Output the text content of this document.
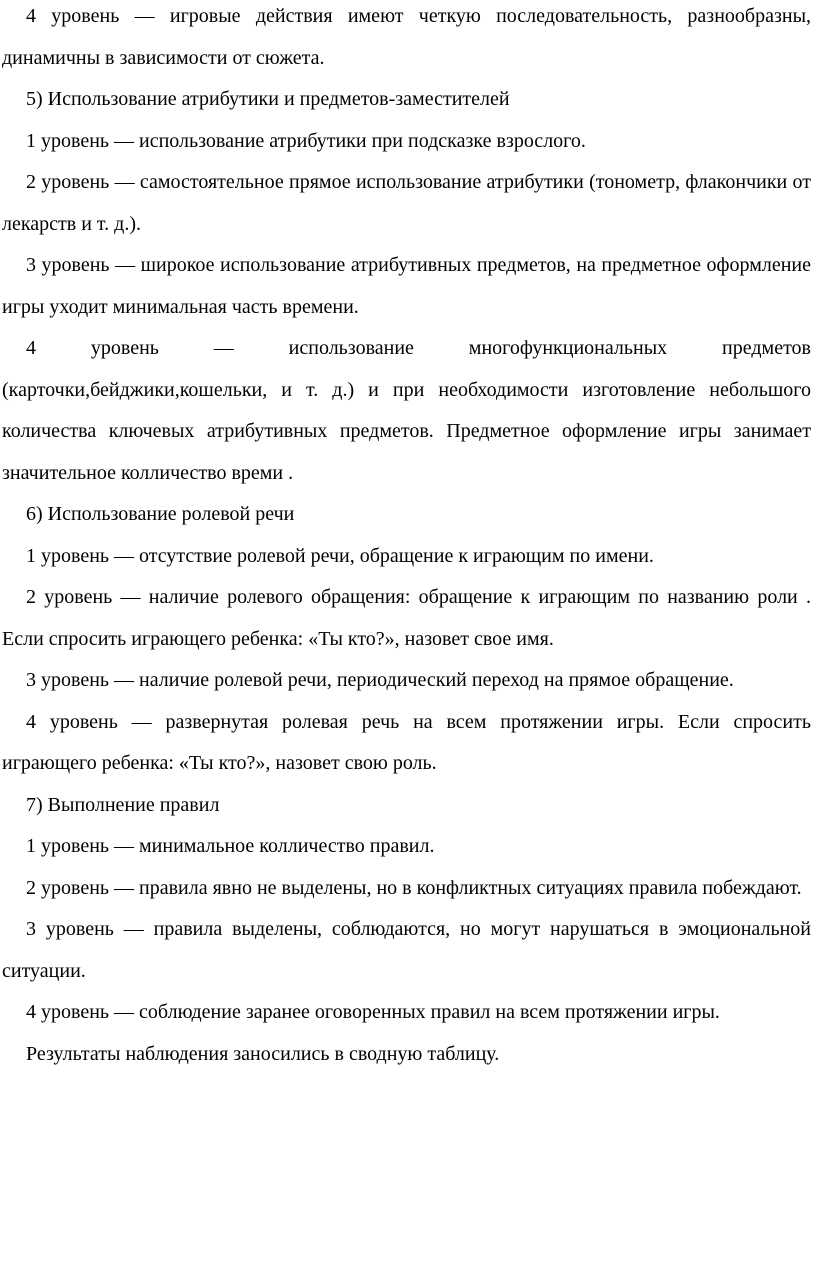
4 уровень — игровые действия имеют четкую последовательность, разнообразны, динамичны в зависимости от сюжета.

5) Использование атрибутики и предметов-заместителей

1 уровень — использование атрибутики при подсказке взрослого.

2 уровень — самостоятельное прямое использование атрибутики (тонометр, флакончики от лекарств и т. д.).

3 уровень — широкое использование атрибутивных предметов, на предметное оформление игры уходит минимальная часть времени.

4 уровень — использование многофункциональных предметов (карточки,бейджики,кошельки, и т. д.) и при необходимости изготовление небольшого количества ключевых атрибутивных предметов. Предметное оформление игры занимает значительное колличество времи .

6) Использование ролевой речи

1 уровень — отсутствие ролевой речи, обращение к играющим по имени.

2 уровень — наличие ролевого обращения: обращение к играющим по названию роли . Если спросить играющего ребенка: «Ты кто?», назовет свое имя.

3 уровень — наличие ролевой речи, периодический переход на прямое обращение.

4 уровень — развернутая ролевая речь на всем протяжении игры. Если спросить играющего ребенка: «Ты кто?», назовет свою роль.

7) Выполнение правил

1 уровень — минимальное колличество правил.

2 уровень — правила явно не выделены, но в конфликтных ситуациях правила побеждают.

3 уровень — правила выделены, соблюдаются, но могут нарушаться в эмоциональной ситуации.

4 уровень — соблюдение заранее оговоренных правил на всем протяжении игры.

Результаты наблюдения заносились в сводную таблицу.
